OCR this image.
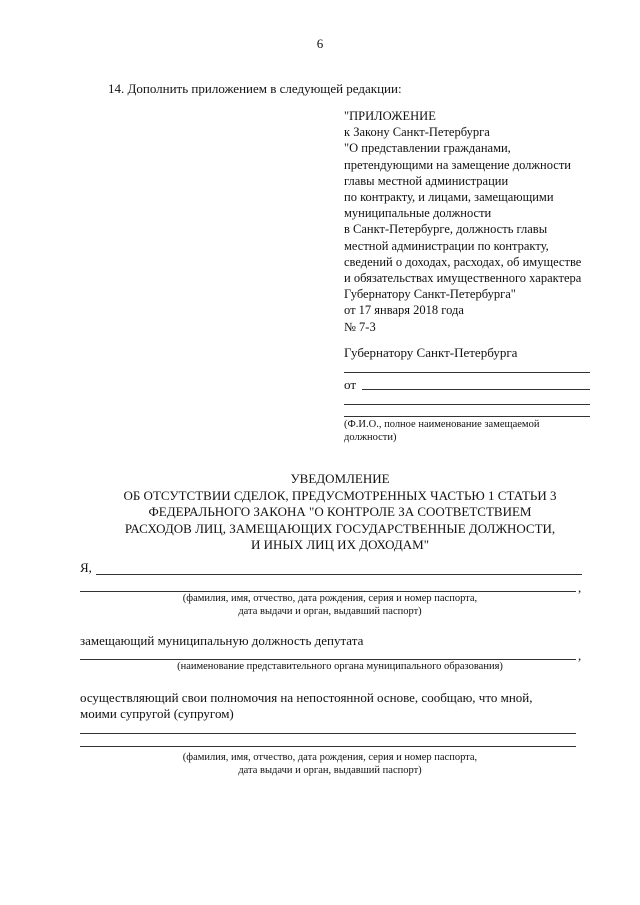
6
14. Дополнить приложением в следующей редакции:
"ПРИЛОЖЕНИЕ
к Закону Санкт-Петербурга
"О представлении гражданами,
претендующими на замещение должности
главы местной администрации
по контракту, и лицами, замещающими
муниципальные должности
в Санкт-Петербурге, должность главы
местной администрации по контракту,
сведений о доходах, расходах, об имуществе
и обязательствах имущественного характера
Губернатору Санкт-Петербурга"
от 17 января 2018 года
№ 7-3
Губернатору Санкт-Петербурга
от
(Ф.И.О., полное наименование замещаемой
должности)
УВЕДОМЛЕНИЕ
ОБ ОТСУТСТВИИ СДЕЛОК, ПРЕДУСМОТРЕННЫХ ЧАСТЬЮ 1 СТАТЬИ 3
ФЕДЕРАЛЬНОГО ЗАКОНА "О КОНТРОЛЕ ЗА СООТВЕТСТВИЕМ
РАСХОДОВ ЛИЦ, ЗАМЕЩАЮЩИХ ГОСУДАРСТВЕННЫЕ ДОЛЖНОСТИ,
И ИНЫХ ЛИЦ ИХ ДОХОДАМ"
Я,
,
(фамилия, имя, отчество, дата рождения, серия и номер паспорта,
дата выдачи и орган, выдавший паспорт)
замещающий муниципальную должность депутата
,
(наименование представительного органа муниципального образования)
осуществляющий свои полномочия на непостоянной основе, сообщаю, что мной,
моими супругой (супругом)
(фамилия, имя, отчество, дата рождения, серия и номер паспорта,
дата выдачи и орган, выдавший паспорт)
